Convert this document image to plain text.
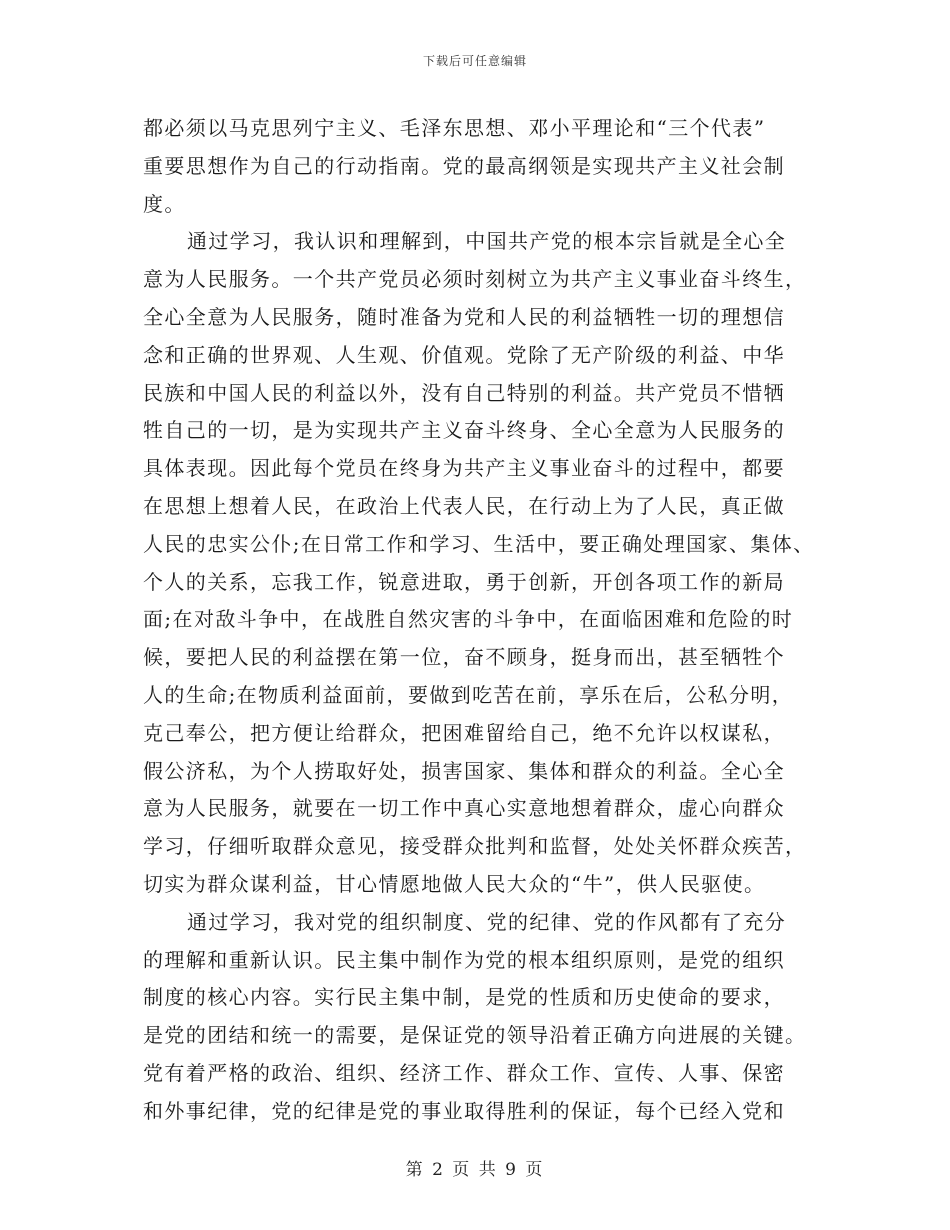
下载后可任意编辑
都必须以马克思列宁主义、毛泽东思想、邓小平理论和“三个代表”
重要思想作为自己的行动指南。党的最高纲领是实现共产主义社会制
度。
通过学习，我认识和理解到，中国共产党的根本宗旨就是全心全
意为人民服务。一个共产党员必须时刻树立为共产主义事业奋斗终生，
全心全意为人民服务，随时准备为党和人民的利益牺牲一切的理想信
念和正确的世界观、人生观、价值观。党除了无产阶级的利益、中华
民族和中国人民的利益以外，没有自己特别的利益。共产党员不惜牺
牲自己的一切，是为实现共产主义奋斗终身、全心全意为人民服务的
具体表现。因此每个党员在终身为共产主义事业奋斗的过程中，都要
在思想上想着人民，在政治上代表人民，在行动上为了人民，真正做
人民的忠实公仆;在日常工作和学习、生活中，要正确处理国家、集体、
个人的关系，忘我工作，锐意进取，勇于创新，开创各项工作的新局
面;在对敌斗争中，在战胜自然灾害的斗争中，在面临困难和危险的时
候，要把人民的利益摆在第一位，奋不顾身，挺身而出，甚至牺牲个
人的生命;在物质利益面前，要做到吃苦在前，享乐在后，公私分明，
克己奉公，把方便让给群众，把困难留给自己，绝不允许以权谋私，
假公济私，为个人捞取好处，损害国家、集体和群众的利益。全心全
意为人民服务，就要在一切工作中真心实意地想着群众，虚心向群众
学习，仔细听取群众意见，接受群众批判和监督，处处关怀群众疾苦，
切实为群众谋利益，甘心情愿地做人民大众的“牛”，供人民驱使。
通过学习，我对党的组织制度、党的纪律、党的作风都有了充分
的理解和重新认识。民主集中制作为党的根本组织原则，是党的组织
制度的核心内容。实行民主集中制，是党的性质和历史使命的要求，
是党的团结和统一的需要，是保证党的领导沿着正确方向进展的关键。
党有着严格的政治、组织、经济工作、群众工作、宣传、人事、保密
和外事纪律，党的纪律是党的事业取得胜利的保证，每个已经入党和
第 2 页 共 9 页
